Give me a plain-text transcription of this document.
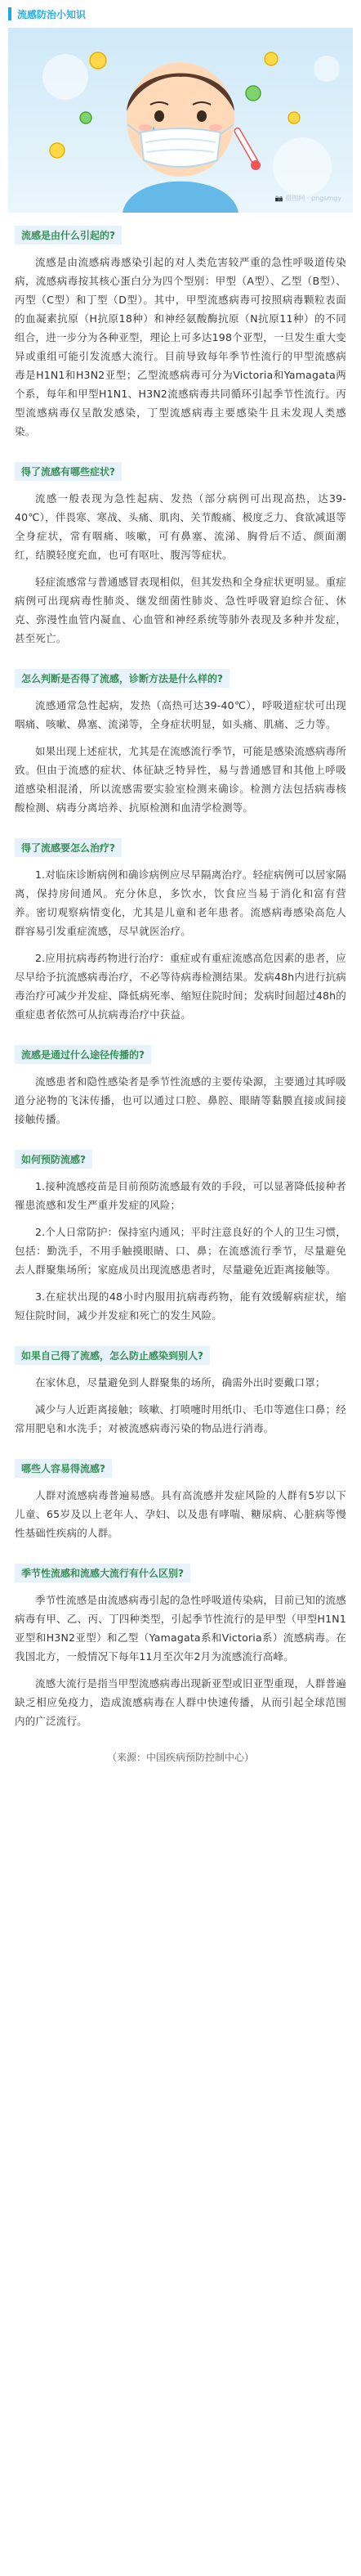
流感防治小知识
📷 摄图网 · pngsmgy
流感是由什么引起的?

流感是由流感病毒感染引起的对人类危害较严重的急性呼吸道传染病，流感病毒按其核心蛋白分为四个型别：甲型（A型）、乙型（B型）、丙型（C型）和丁型（D型）。其中，甲型流感病毒可按照病毒颗粒表面的血凝素抗原（H抗原18种）和神经氨酸酶抗原（N抗原11种）的不同组合，进一步分为各种亚型，理论上可多达198个亚型，一旦发生重大变异或重组可能引发流感大流行。目前导致每年季节性流行的甲型流感病毒是H1N1和H3N2亚型；乙型流感病毒可分为Victoria和Yamagata两个系，每年和甲型H1N1、H3N2流感病毒共同循环引起季节性流行。丙型流感病毒仅呈散发感染，丁型流感病毒主要感染牛且未发现人类感染。

得了流感有哪些症状?

流感一般表现为急性起病、发热（部分病例可出现高热，达39-40℃），伴畏寒、寒战、头痛、肌肉、关节酸痛、极度乏力、食欲减退等全身症状，常有咽痛、咳嗽，可有鼻塞、流涕、胸骨后不适、颜面潮红，结膜轻度充血，也可有呕吐、腹泻等症状。

轻症流感常与普通感冒表现相似，但其发热和全身症状更明显。重症病例可出现病毒性肺炎、继发细菌性肺炎、急性呼吸窘迫综合征、休克、弥漫性血管内凝血、心血管和神经系统等肺外表现及多种并发症，甚至死亡。

怎么判断是否得了流感，诊断方法是什么样的?

流感通常急性起病，发热（高热可达39-40℃），呼吸道症状可出现咽痛、咳嗽、鼻塞、流涕等，全身症状明显，如头痛、肌痛、乏力等。

如果出现上述症状，尤其是在流感流行季节，可能是感染流感病毒所致。但由于流感的症状、体征缺乏特异性，易与普通感冒和其他上呼吸道感染相混淆，所以流感需要实验室检测来确诊。检测方法包括病毒核酸检测、病毒分离培养、抗原检测和血清学检测等。

得了流感要怎么治疗?

1.对临床诊断病例和确诊病例应尽早隔离治疗。轻症病例可以居家隔离，保持房间通风。充分休息，多饮水，饮食应当易于消化和富有营养。密切观察病情变化，尤其是儿童和老年患者。流感病毒感染高危人群容易引发重症流感，尽早就医治疗。

2.应用抗病毒药物进行治疗：重症或有重症流感高危因素的患者，应尽早给予抗流感病毒治疗，不必等待病毒检测结果。发病48h内进行抗病毒治疗可减少并发症、降低病死率、缩短住院时间；发病时间超过48h的重症患者依然可从抗病毒治疗中获益。

流感是通过什么途径传播的?

流感患者和隐性感染者是季节性流感的主要传染源，主要通过其呼吸道分泌物的飞沫传播，也可以通过口腔、鼻腔、眼睛等黏膜直接或间接接触传播。

如何预防流感?

1.接种流感疫苗是目前预防流感最有效的手段，可以显著降低接种者罹患流感和发生严重并发症的风险；

2.个人日常防护：保持室内通风；平时注意良好的个人的卫生习惯，包括：勤洗手，不用手触摸眼睛、口、鼻；在流感流行季节，尽量避免去人群聚集场所；家庭成员出现流感患者时，尽量避免近距离接触等。

3.在症状出现的48小时内服用抗病毒药物，能有效缓解病症状，缩短住院时间，减少并发症和死亡的发生风险。

如果自己得了流感，怎么防止感染到别人?

在家休息，尽量避免到人群聚集的场所，确需外出时要戴口罩；

减少与人近距离接触；咳嗽、打喷嚏时用纸巾、毛巾等遮住口鼻；经常用肥皂和水洗手；对被流感病毒污染的物品进行消毒。

哪些人容易得流感?

人群对流感病毒普遍易感。具有高流感并发症风险的人群有5岁以下儿童、65岁及以上老年人、孕妇、以及患有哮喘、糖尿病、心脏病等慢性基础性疾病的人群。

季节性流感和流感大流行有什么区别?

季节性流感是由流感病毒引起的急性呼吸道传染病，目前已知的流感病毒有甲、乙、丙、丁四种类型，引起季节性流行的是甲型（甲型H1N1亚型和H3N2亚型）和乙型（Yamagata系和Victoria系）流感病毒。在我国北方，一般情况下每年11月至次年2月为流感流行高峰。

流感大流行是指当甲型流感病毒出现新亚型或旧亚型重现，人群普遍缺乏相应免疫力，造成流感病毒在人群中快速传播，从而引起全球范围内的广泛流行。

（来源：中国疾病预防控制中心）
